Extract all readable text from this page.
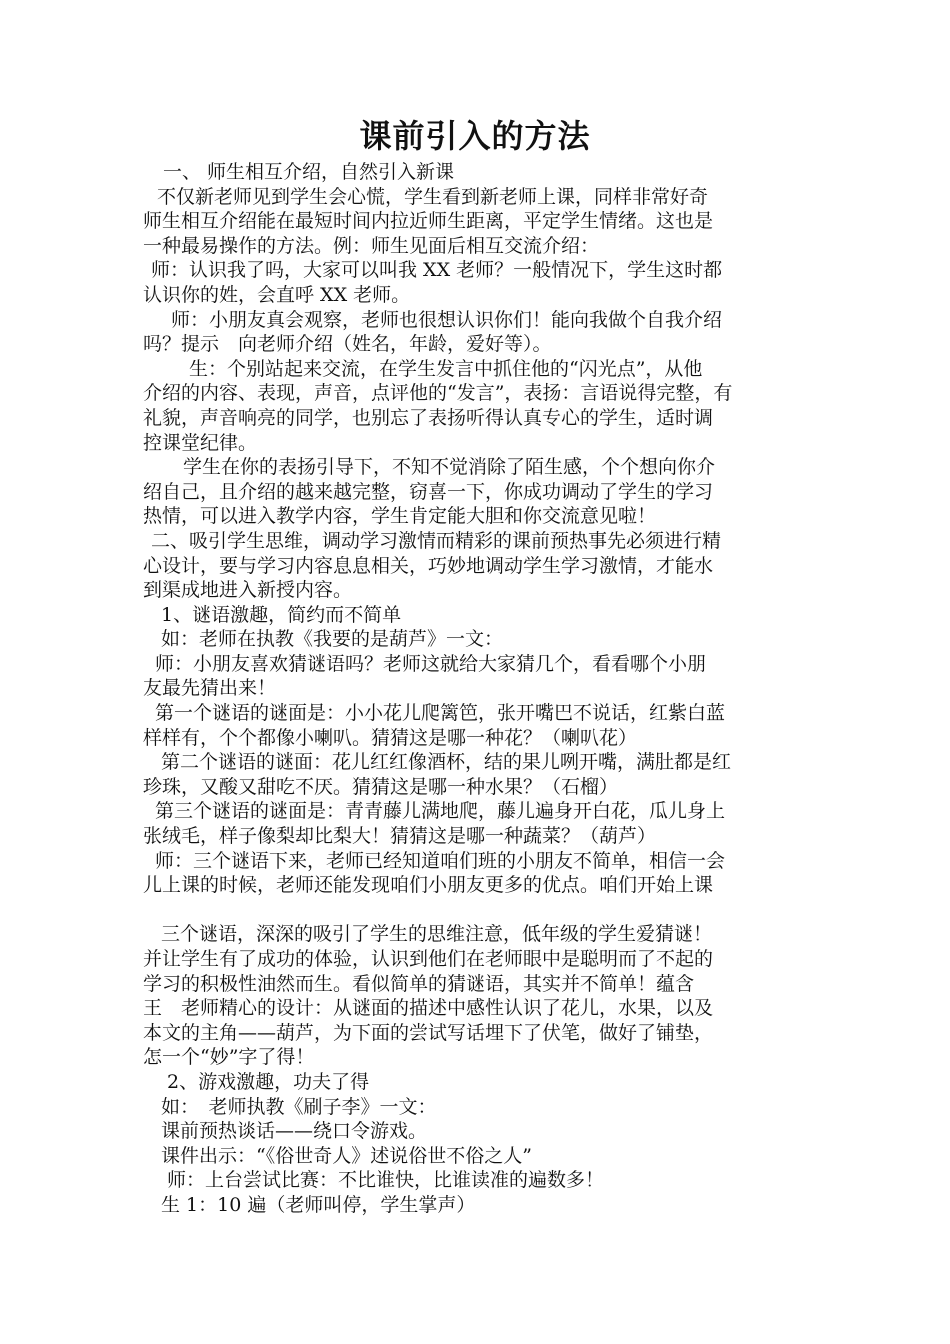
课前引入的方法

一、 师生相互介绍，自然引入新课

不仅新老师见到学生会心慌，学生看到新老师上课，同样非常好奇

师生相互介绍能在最短时间内拉近师生距离，平定学生情绪。这也是

一种最易操作的方法。例：师生见面后相互交流介绍：

师：认识我了吗，大家可以叫我 XX 老师？一般情况下，学生这时都

认识你的姓，会直呼 XX 老师。

师：小朋友真会观察，老师也很想认识你们！能向我做个自我介绍

吗？提示　向老师介绍（姓名，年龄，爱好等）。

生：个别站起来交流，在学生发言中抓住他的“闪光点”，从他

介绍的内容、表现，声音，点评他的“发言”，表扬：言语说得完整，有

礼貌，声音响亮的同学，也别忘了表扬听得认真专心的学生，适时调

控课堂纪律。

学生在你的表扬引导下，不知不觉消除了陌生感，个个想向你介

绍自己，且介绍的越来越完整，窃喜一下，你成功调动了学生的学习

热情，可以进入教学内容，学生肯定能大胆和你交流意见啦！

二、吸引学生思维，调动学习激情而精彩的课前预热事先必须进行精

心设计，要与学习内容息息相关，巧妙地调动学生学习激情，才能水

到渠成地进入新授内容。

1、谜语激趣，简约而不简单

如：老师在执教《我要的是葫芦》一文：

师：小朋友喜欢猜谜语吗？老师这就给大家猜几个，看看哪个小朋

友最先猜出来！

第一个谜语的谜面是：小小花儿爬篱笆，张开嘴巴不说话，红紫白蓝

样样有，个个都像小喇叭。猜猜这是哪一种花？（喇叭花）

第二个谜语的谜面：花儿红红像酒杯，结的果儿咧开嘴，满肚都是红

珍珠，又酸又甜吃不厌。猜猜这是哪一种水果？（石榴）

第三个谜语的谜面是：青青藤儿满地爬，藤儿遍身开白花，瓜儿身上

张绒毛，样子像梨却比梨大！猜猜这是哪一种蔬菜？（葫芦）

师：三个谜语下来，老师已经知道咱们班的小朋友不简单，相信一会

儿上课的时候，老师还能发现咱们小朋友更多的优点。咱们开始上课

三个谜语，深深的吸引了学生的思维注意，低年级的学生爱猜谜！

并让学生有了成功的体验，认识到他们在老师眼中是聪明而了不起的

学习的积极性油然而生。看似简单的猜谜语，其实并不简单！蕴含

王　老师精心的设计：从谜面的描述中感性认识了花儿，水果，以及

本文的主角——葫芦，为下面的尝试写话埋下了伏笔，做好了铺垫，

怎一个“妙”字了得！

2、游戏激趣，功夫了得

如：　老师执教《刷子李》一文：

课前预热谈话——绕口令游戏。

课件出示：“《俗世奇人》述说俗世不俗之人”

师：上台尝试比赛：不比谁快，比谁读准的遍数多！

生 1：10 遍（老师叫停，学生掌声）
